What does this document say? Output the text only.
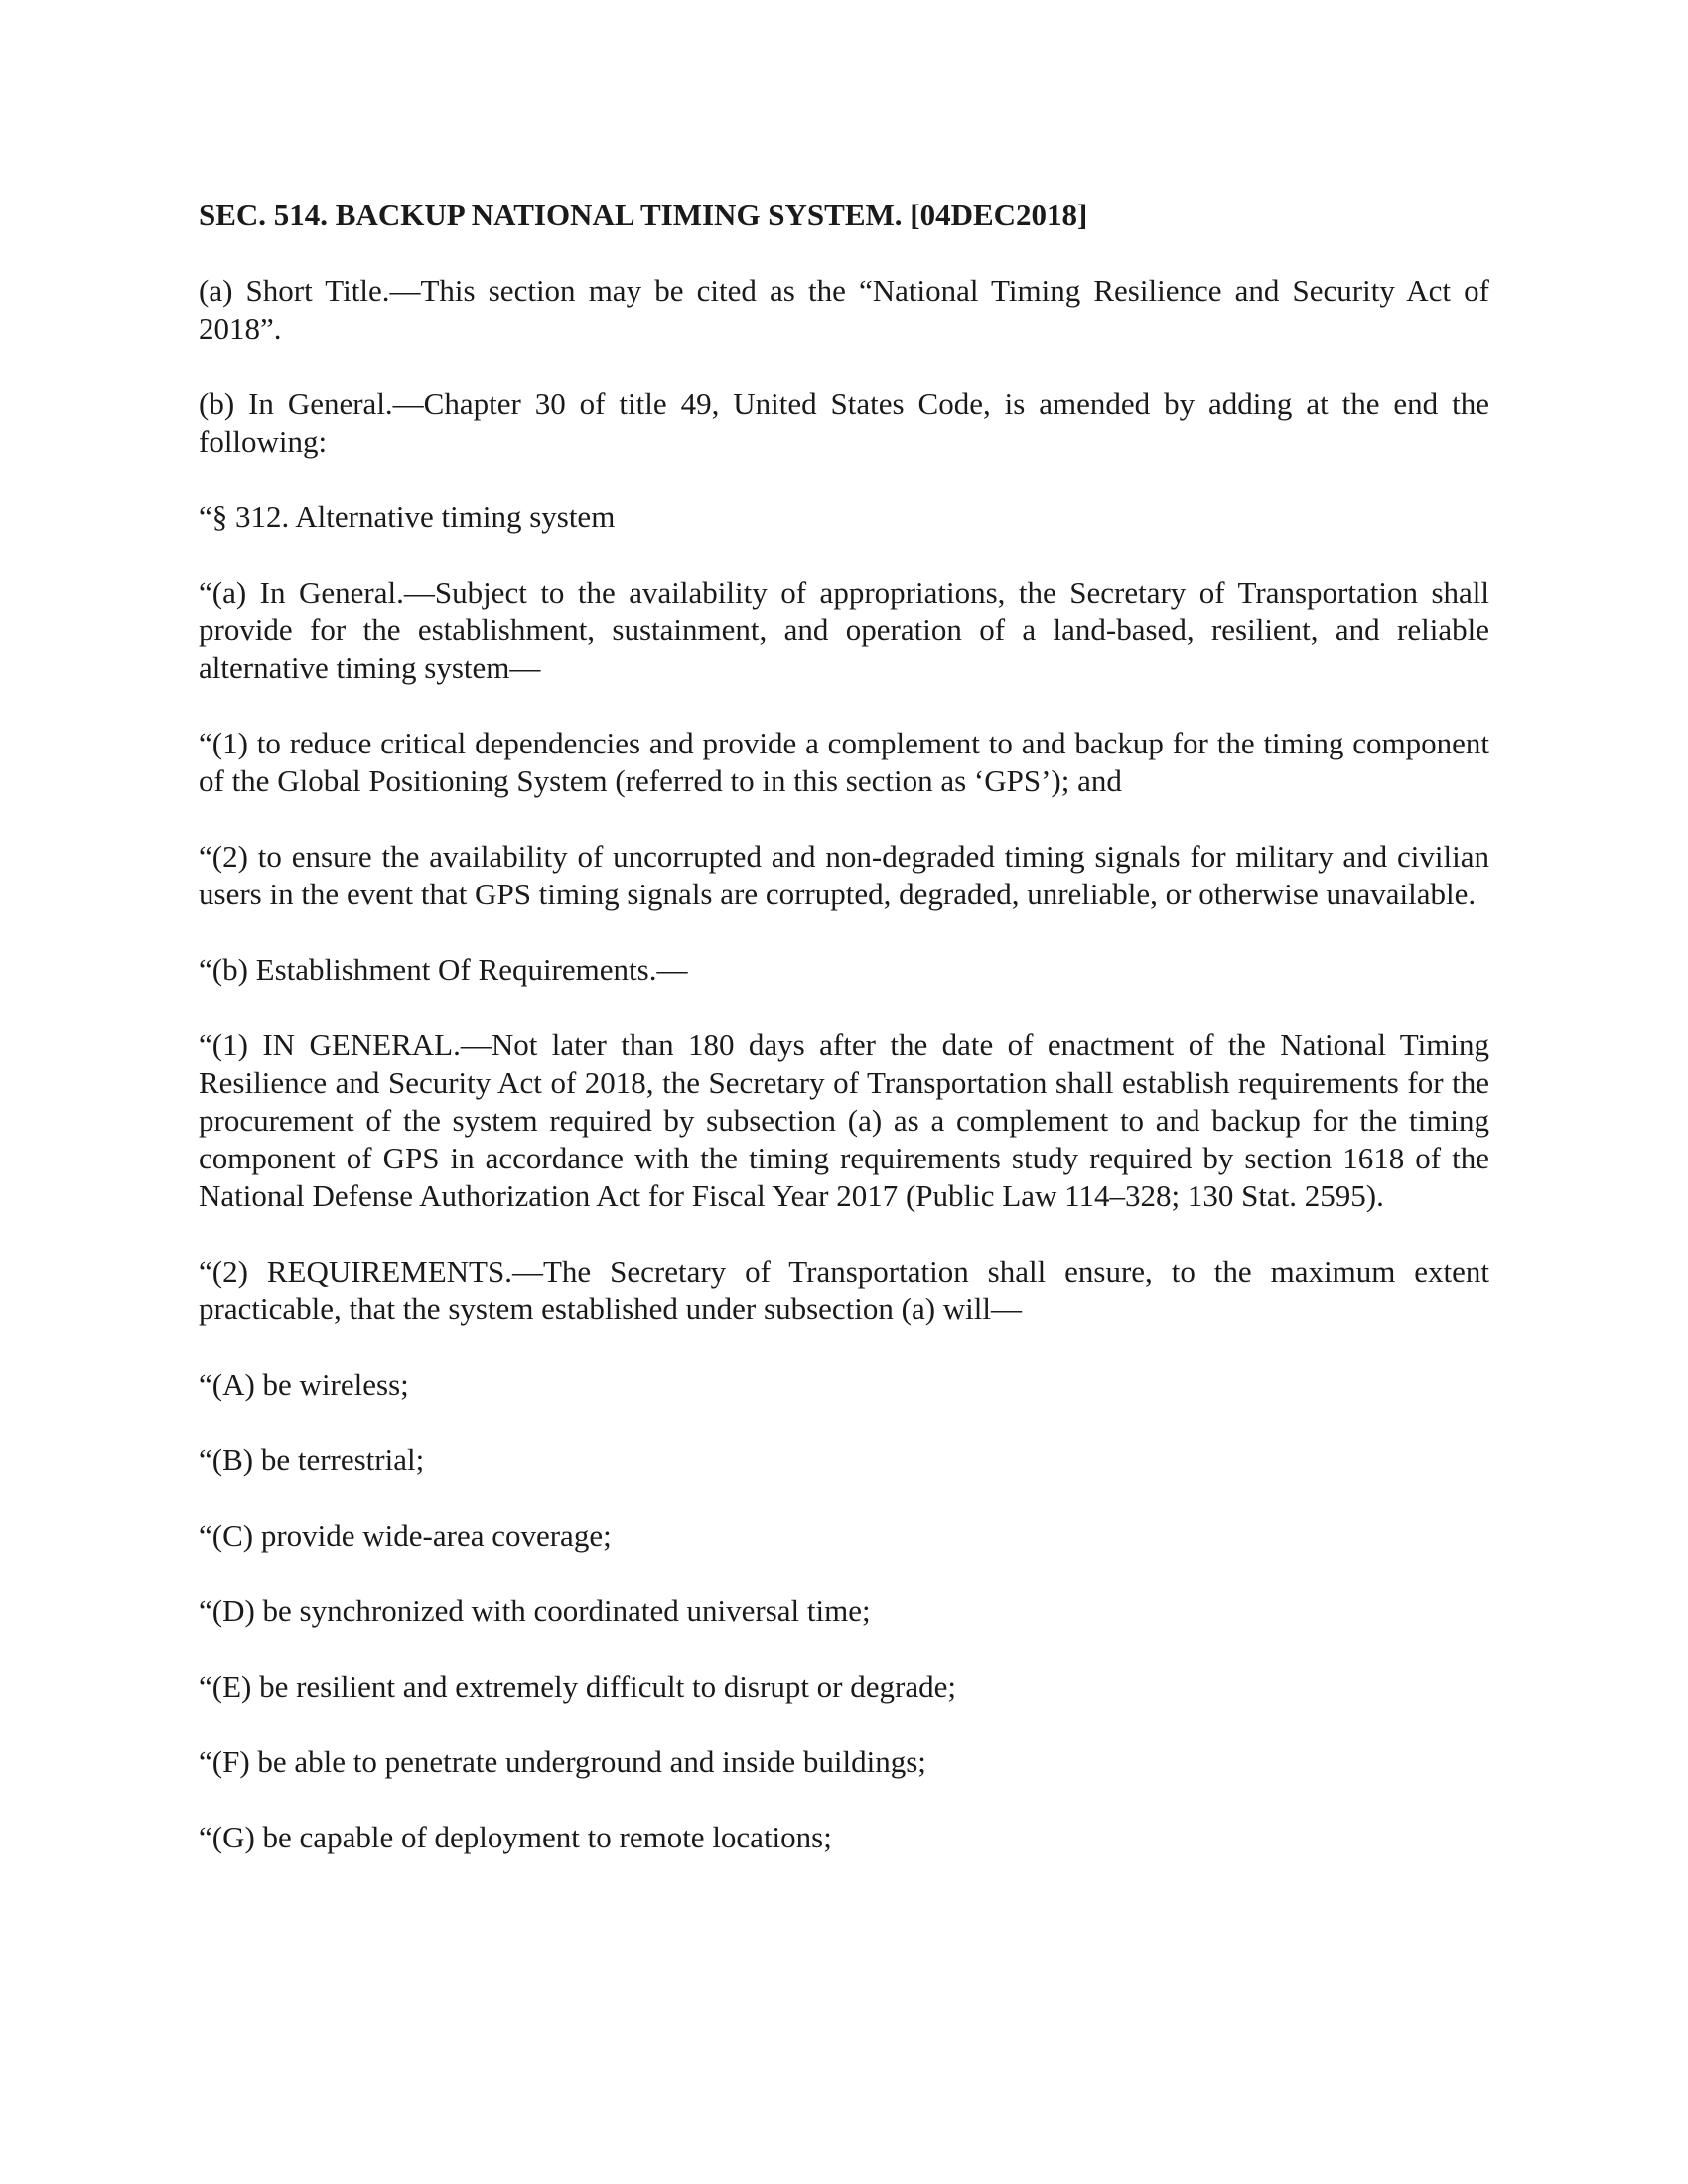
SEC. 514. BACKUP NATIONAL TIMING SYSTEM. [04DEC2018]

(a) Short Title.—This section may be cited as the “National Timing Resilience and Security Act of 2018”.

(b) In General.—Chapter 30 of title 49, United States Code, is amended by adding at the end the following:

“§ 312. Alternative timing system

“(a) In General.—Subject to the availability of appropriations, the Secretary of Transportation shall provide for the establishment, sustainment, and operation of a land-based, resilient, and reliable alternative timing system—

“(1) to reduce critical dependencies and provide a complement to and backup for the timing component of the Global Positioning System (referred to in this section as ‘GPS’); and

“(2) to ensure the availability of uncorrupted and non-degraded timing signals for military and civilian users in the event that GPS timing signals are corrupted, degraded, unreliable, or otherwise unavailable.

“(b) Establishment Of Requirements.—

“(1) IN GENERAL.—Not later than 180 days after the date of enactment of the National Timing Resilience and Security Act of 2018, the Secretary of Transportation shall establish requirements for the procurement of the system required by subsection (a) as a complement to and backup for the timing component of GPS in accordance with the timing requirements study required by section 1618 of the National Defense Authorization Act for Fiscal Year 2017 (Public Law 114–328; 130 Stat. 2595).

“(2) REQUIREMENTS.—The Secretary of Transportation shall ensure, to the maximum extent practicable, that the system established under subsection (a) will—

“(A) be wireless;

“(B) be terrestrial;

“(C) provide wide-area coverage;

“(D) be synchronized with coordinated universal time;

“(E) be resilient and extremely difficult to disrupt or degrade;

“(F) be able to penetrate underground and inside buildings;

“(G) be capable of deployment to remote locations;
